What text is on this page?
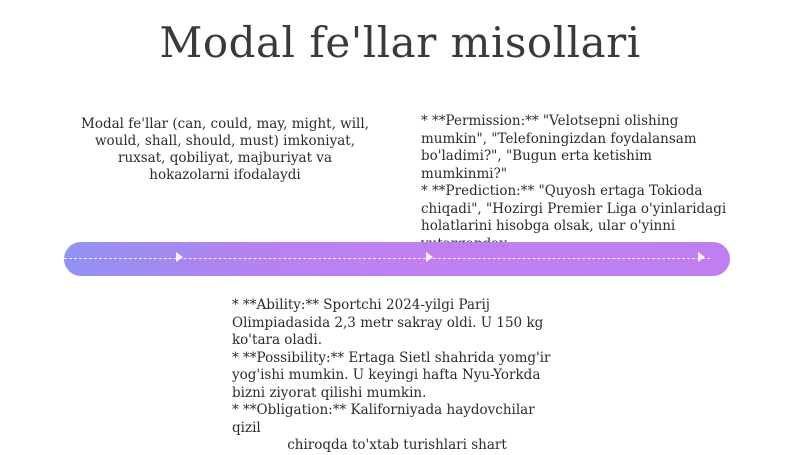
Modal fe'llar misollari
Modal fe'llar (can, could, may, might, will, would, shall, should, must) imkoniyat, ruxsat, qobiliyat, majburiyat va hokazolarni ifodalaydi
* **Permission:** "Velotsepni olishing mumkin", "Telefoningizdan foydalansam bo'ladimi?", "Bugun erta ketishim mumkinmi?"
* **Prediction:** "Quyosh ertaga Tokioda chiqadi", "Hozirgi Premier Liga o'yinlaridagi holatlarini hisobga olsak, ular o'yinni
* **Ability:** Sportchi 2024-yilgi Parij Olimpiadasida 2,3 metr sakray oldi. U 150 kg ko'tara oladi.
* **Possibility:** Ertaga Sietl shahrida yomg'ir yog'ishi mumkin. U keyingi hafta Nyu-Yorkda bizni ziyorat qilishi mumkin.
* **Obligation:** Kaliforniyada haydovchilar qizil
chiroqda to'xtab turishlari shart
